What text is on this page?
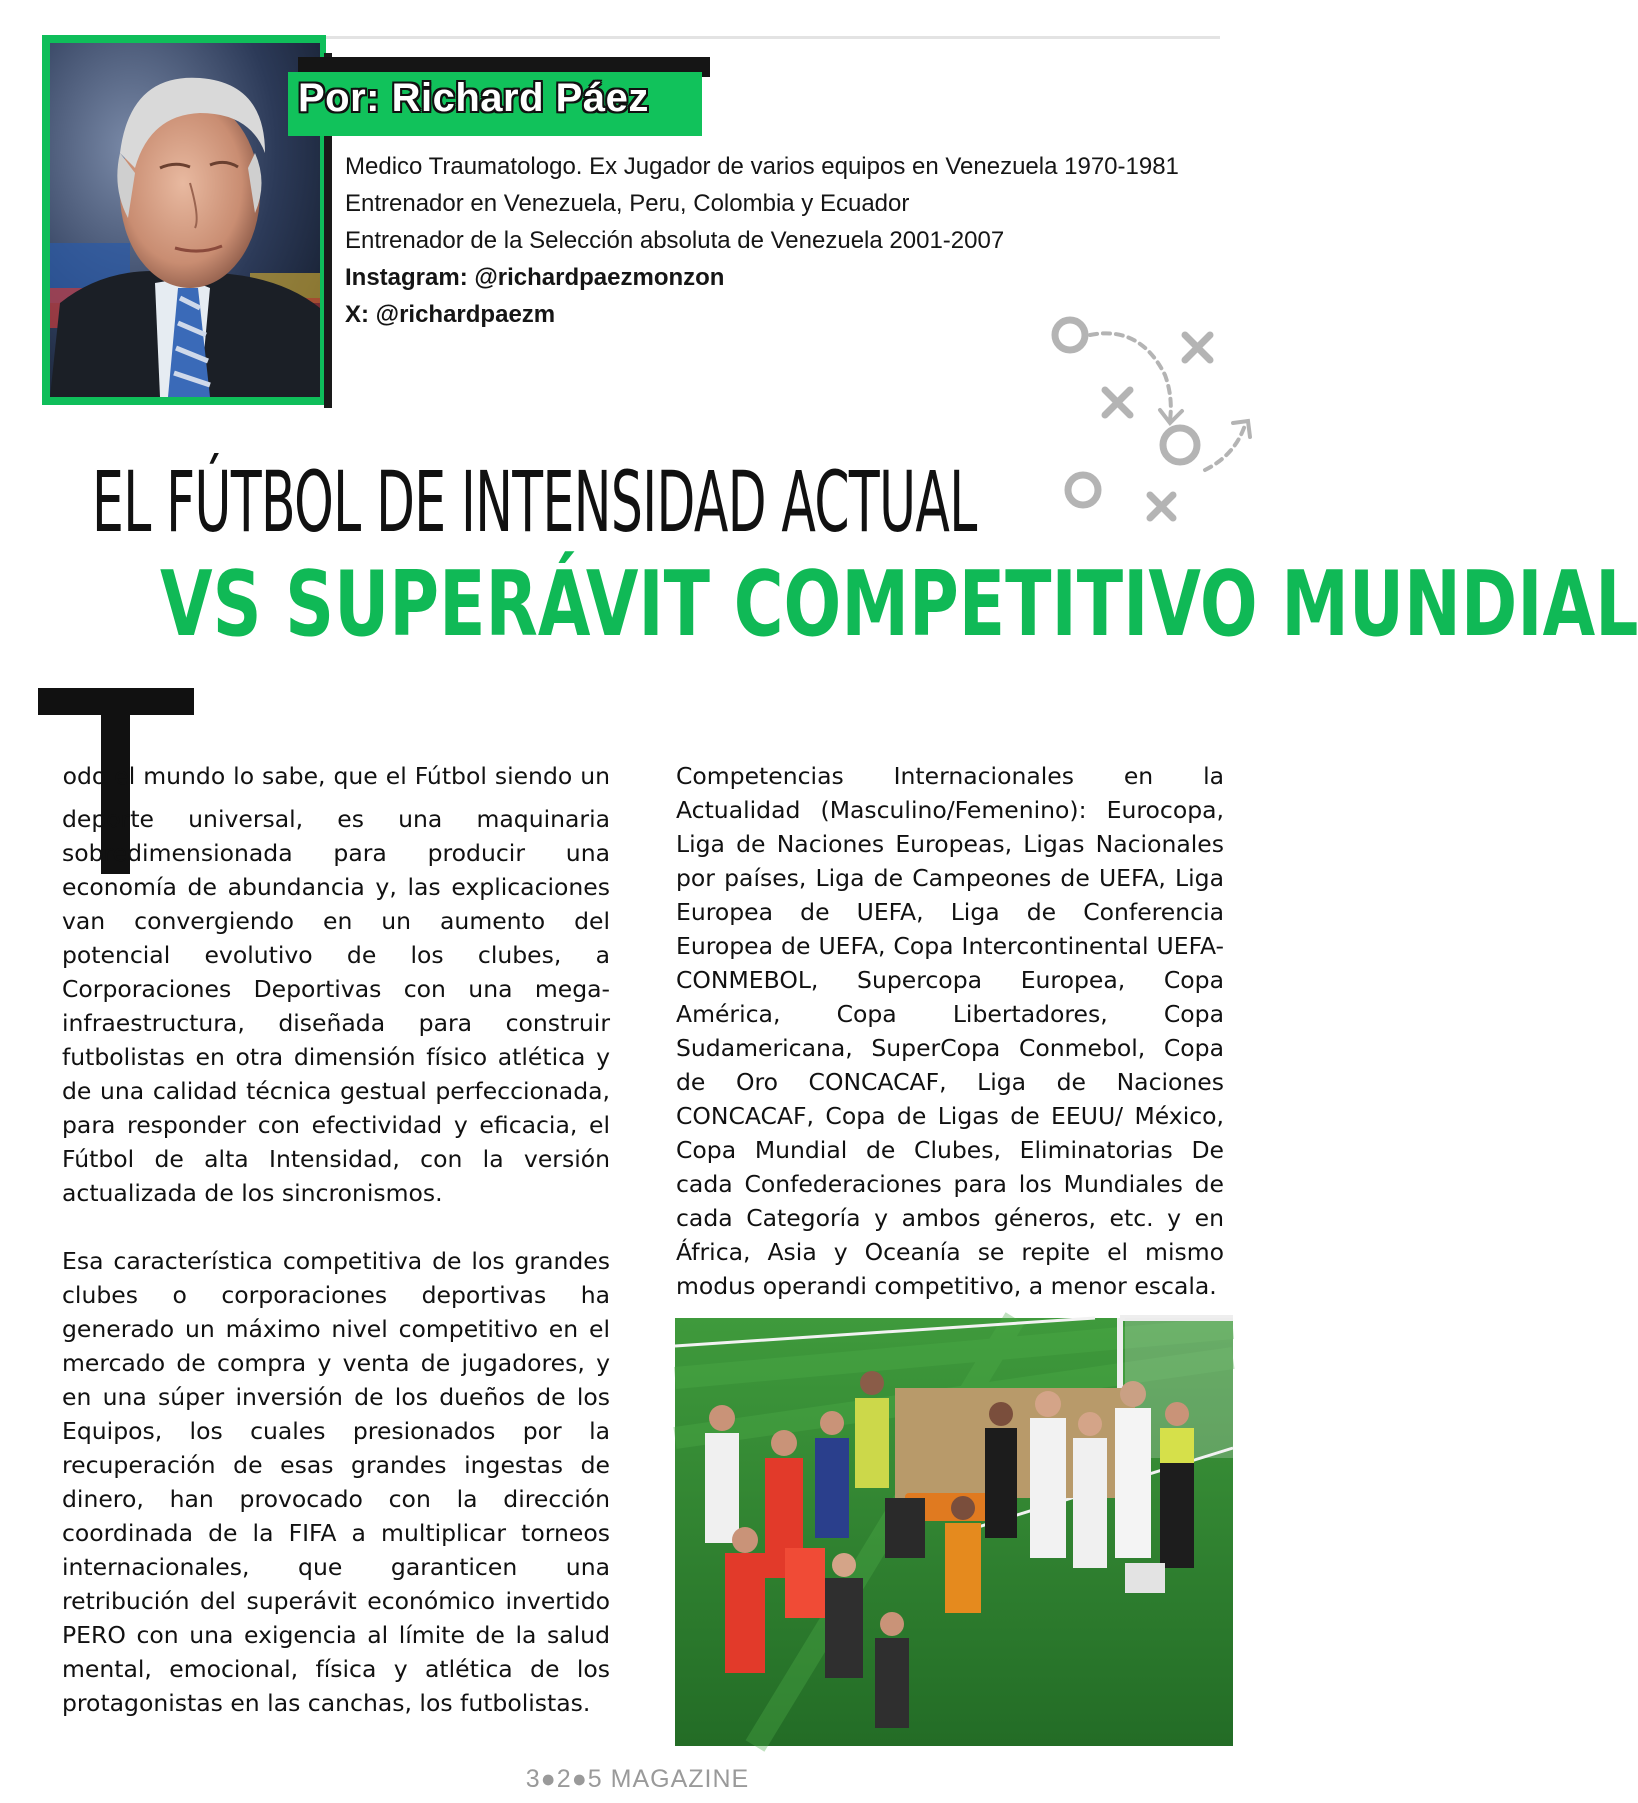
Por: Richard Páez
Medico Traumatologo. Ex Jugador de varios equipos en Venezuela 1970-1981
Entrenador en Venezuela, Peru, Colombia y Ecuador
Entrenador de la Selección absoluta de Venezuela 2001-2007
Instagram: @richardpaezmonzon
X: @richardpaezm
EL FÚTBOL DE INTENSIDAD ACTUAL
VS SUPERÁVIT COMPETITIVO MUNDIAL

odo el mundo lo sabe, que el Fútbol siendo un deporte universal, es una maquinaria sobredimensionada para producir una economía de abundancia y, las explicaciones van convergiendo en un aumento del potencial evolutivo de los clubes, a Corporaciones Deportivas con una mega-infraestructura, diseñada para construir futbolistas en otra dimensión físico atlética y de una calidad técnica gestual perfeccionada, para responder con efectividad y eficacia, el Fútbol de alta Intensidad, con la versión actualizada de los sincronismos.

Esa característica competitiva de los grandes clubes o corporaciones deportivas ha generado un máximo nivel competitivo en el mercado de compra y venta de jugadores, y en una súper inversión de los dueños de los Equipos, los cuales presionados por la recuperación de esas grandes ingestas de dinero, han provocado con la dirección coordinada de la FIFA a multiplicar torneos internacionales, que garanticen una retribución del superávit económico invertido PERO con una exigencia al límite de la salud mental, emocional, física y atlética de los protagonistas en las canchas, los futbolistas.

Competencias Internacionales en la Actualidad (Masculino/Femenino): Eurocopa, Liga de Naciones Europeas, Ligas Nacionales por países, Liga de Campeones de UEFA, Liga Europea de UEFA, Liga de Conferencia Europea de UEFA, Copa Intercontinental UEFA- CONMEBOL, Supercopa Europea, Copa América, Copa Libertadores, Copa Sudamericana, SuperCopa Conmebol, Copa de Oro CONCACAF, Liga de Naciones CONCACAF, Copa de Ligas de EEUU/ México, Copa Mundial de Clubes, Eliminatorias De cada Confederaciones para los Mundiales de cada Categoría y ambos géneros, etc. y en África, Asia y Oceanía se repite el mismo modus operandi competitivo, a menor escala.

3●2●5 MAGAZINE
